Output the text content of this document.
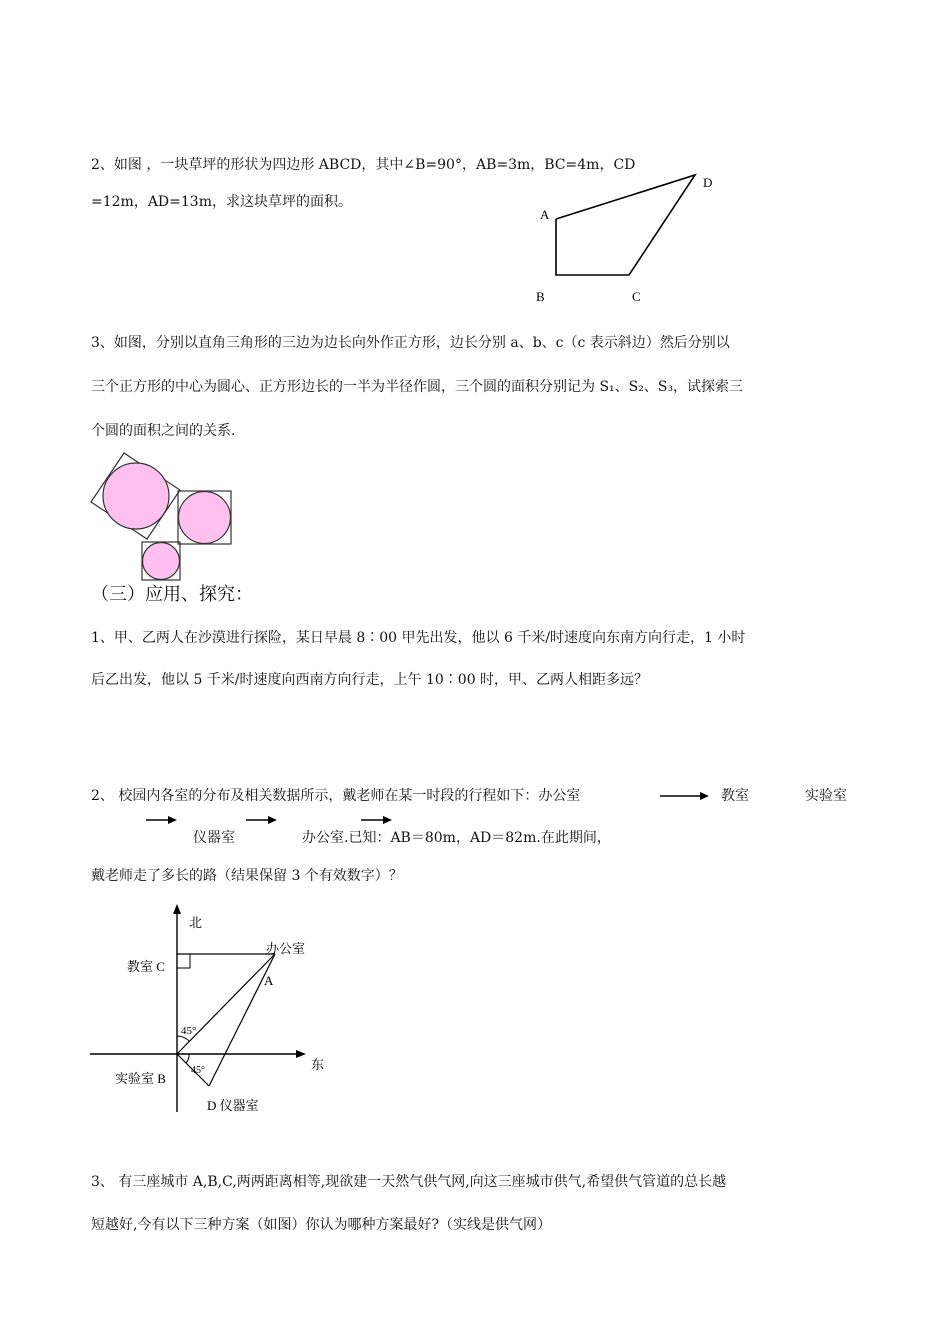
2、如图 ，一块草坪的形状为四边形 ABCD，其中∠B=90°，AB=3m，BC=4m，CD
=12m，AD=13m，求这块草坪的面积。
A
B	C
D
3、如图，分别以直角三角形的三边为边长向外作正方形，边长分别 a、b、c（c 表示斜边）然后分别以
三个正方形的中心为圆心、正方形边长的一半为半径作圆，三个圆的面积分别记为 S₁、S₂、S₃，试探索三
个圆的面积之间的关系.
（三）应用、探究：
1、甲、乙两人在沙漠进行探险，某日早晨 8∶00 甲先出发，他以 6 千米/时速度向东南方向行走，1 小时
后乙出发，他以 5 千米/时速度向西南方向行走，上午 10∶00 时，甲、乙两人相距多远？
2、 校园内各室的分布及相关数据所示，戴老师在某一时段的行程如下：办公室	教室	实验室
仪器室	办公室.已知：AB＝80m，AD＝82m.在此期间，
戴老师走了多长的路（结果保留 3 个有效数字）？
北
东
办公室
A
教室 C
45°
45°
实验室 B
D 仪器室
3、 有三座城市 A,B,C,两两距离相等,现欲建一天然气供气网,向这三座城市供气,希望供气管道的总长越
短越好,今有以下三种方案（如图）你认为哪种方案最好?（实线是供气网）
